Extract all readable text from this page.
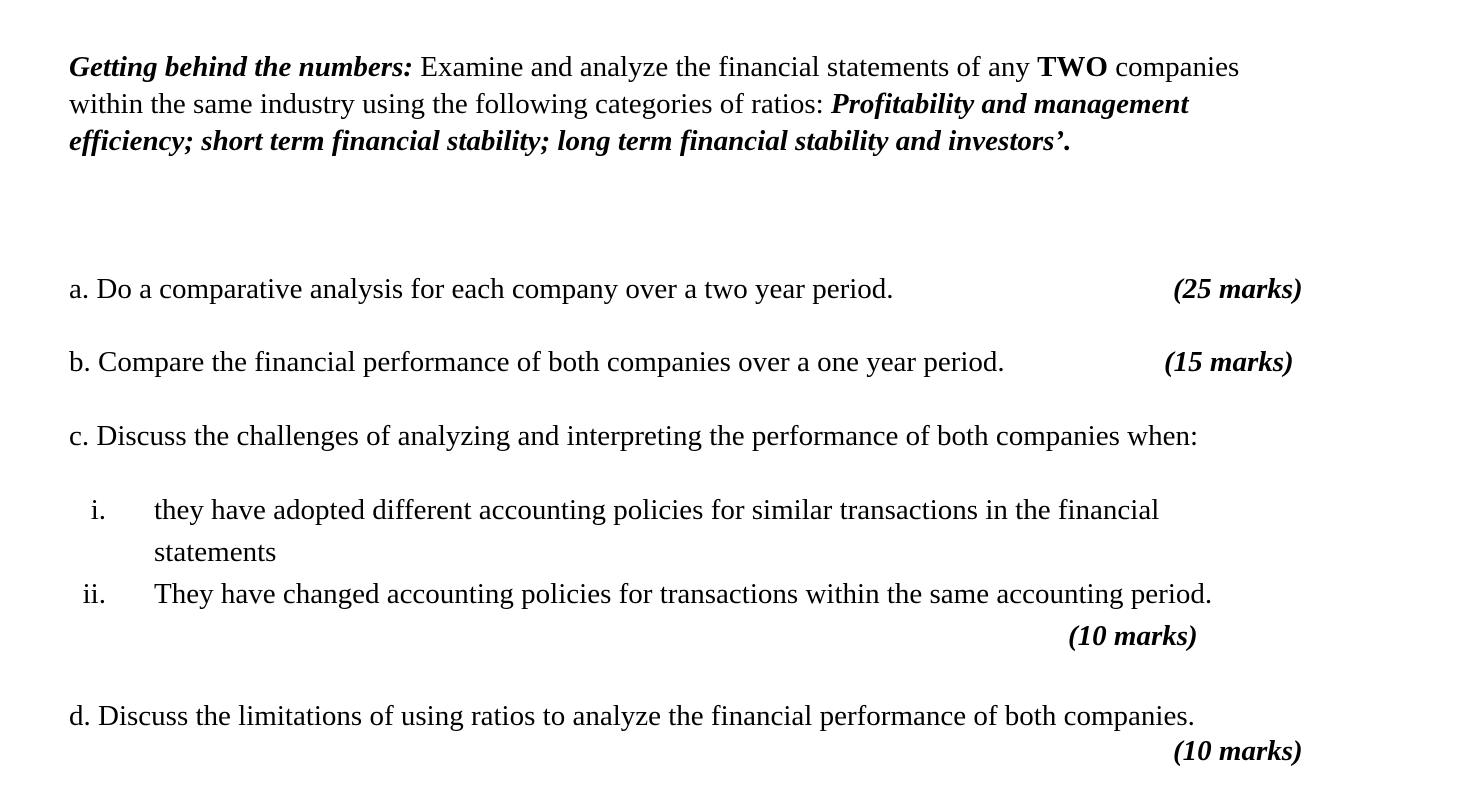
Getting behind the numbers: Examine and analyze the financial statements of any TWO companies within the same industry using the following categories of ratios: Profitability and management efficiency; short term financial stability; long term financial stability and investors’.
a. Do a comparative analysis for each company over a two year period.	(25 marks)
b. Compare the financial performance of both companies over a one year period.	(15 marks)
c. Discuss the challenges of analyzing and interpreting the performance of both companies when:
i. they have adopted different accounting policies for similar transactions in the financial statements
ii. They have changed accounting policies for transactions within the same accounting period.
(10 marks)
d. Discuss the limitations of using ratios to analyze the financial performance of both companies.
(10 marks)
